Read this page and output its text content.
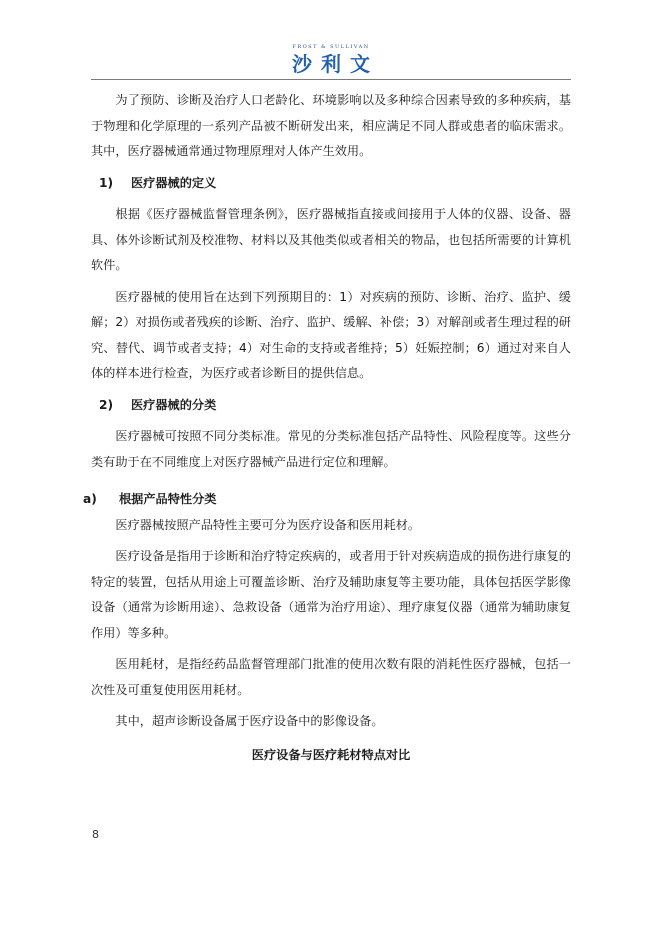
FROST & SULLIVAN
沙利文

为了预防、诊断及治疗人口老龄化、环境影响以及多种综合因素导致的多种疾病，基于物理和化学原理的一系列产品被不断研发出来，相应满足不同人群或患者的临床需求。其中，医疗器械通常通过物理原理对人体产生效用。

1)	医疗器械的定义

根据《医疗器械监督管理条例》，医疗器械指直接或间接用于人体的仪器、设备、器具、体外诊断试剂及校准物、材料以及其他类似或者相关的物品，也包括所需要的计算机软件。

医疗器械的使用旨在达到下列预期目的：1）对疾病的预防、诊断、治疗、监护、缓解；2）对损伤或者残疾的诊断、治疗、监护、缓解、补偿；3）对解剖或者生理过程的研究、替代、调节或者支持；4）对生命的支持或者维持；5）妊娠控制；6）通过对来自人体的样本进行检查，为医疗或者诊断目的提供信息。

2)	医疗器械的分类

医疗器械可按照不同分类标准。常见的分类标准包括产品特性、风险程度等。这些分类有助于在不同维度上对医疗器械产品进行定位和理解。

a)	根据产品特性分类

医疗器械按照产品特性主要可分为医疗设备和医用耗材。

医疗设备是指用于诊断和治疗特定疾病的，或者用于针对疾病造成的损伤进行康复的特定的装置，包括从用途上可覆盖诊断、治疗及辅助康复等主要功能，具体包括医学影像设备（通常为诊断用途）、急救设备（通常为治疗用途）、理疗康复仪器（通常为辅助康复作用）等多种。

医用耗材，是指经药品监督管理部门批准的使用次数有限的消耗性医疗器械，包括一次性及可重复使用医用耗材。

其中，超声诊断设备属于医疗设备中的影像设备。

医疗设备与医疗耗材特点对比
8
